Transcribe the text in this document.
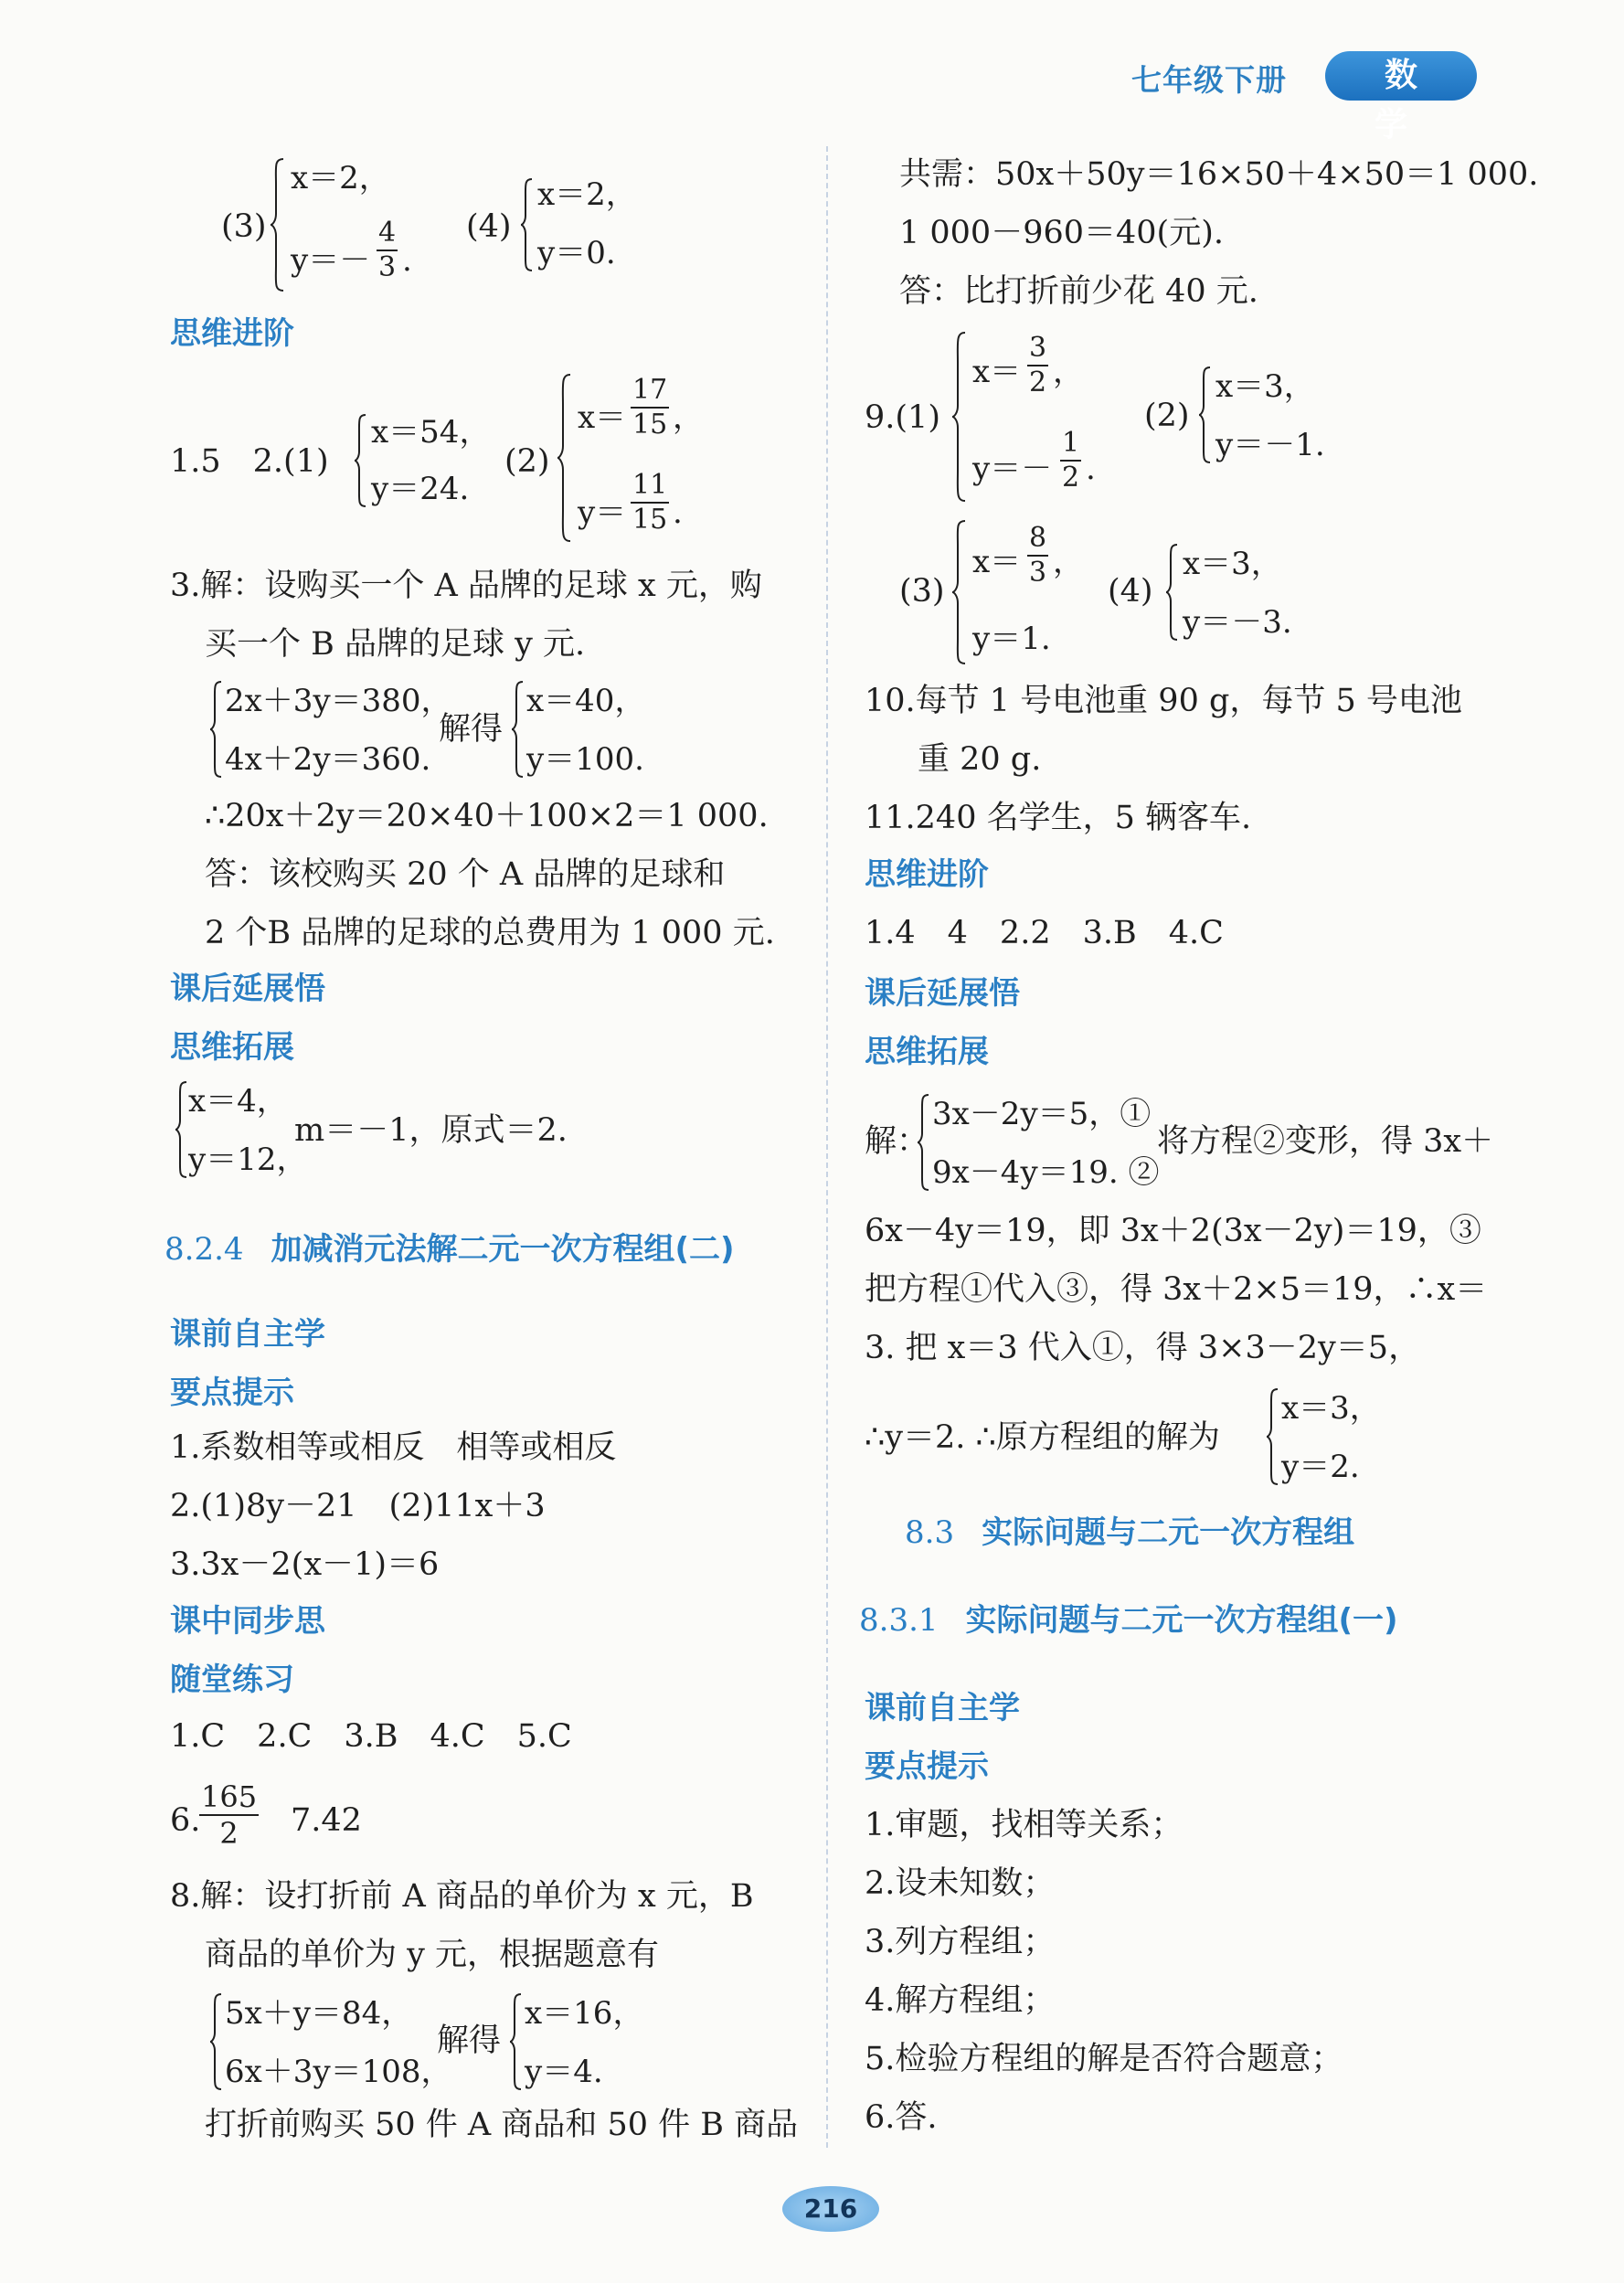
七年级下册	数 学
(3)
x＝2，
$y=- \frac{4}{3}$ .
(4)
x＝2，
y＝0.
思维进阶
1.5　2.(1)
x＝54，
y＝24.
(2)
$x= \frac{17}{15}$ ，
$y= \frac{11}{15}$ .
3.解：设购买一个 A 品牌的足球 x 元，购
买一个 B 品牌的足球 y 元.
2x＋3y＝380，
4x＋2y＝360.
解得
x＝40，
y＝100.
∴20x＋2y＝20×40＋100×2＝1 000.
答：该校购买 20 个 A 品牌的足球和
2 个B 品牌的足球的总费用为 1 000 元.
课后延展悟
思维拓展
x＝4，
y＝12，
m＝－1，原式＝2.
8.2.4 加减消元法解二元一次方程组(二)
课前自主学
要点提示
1.系数相等或相反　相等或相反
2.(1)8y－21　(2)11x＋3
3.3x－2(x－1)＝6
课中同步思
随堂练习
1.C　2.C　3.B　4.C　5.C
6.
$\frac{165}{2} 7.42$
8.解：设打折前 A 商品的单价为 x 元，B
商品的单价为 y 元，根据题意有
5x＋y＝84，
6x＋3y＝108，
解得
x＝16，
y＝4.
打折前购买 50 件 A 商品和 50 件 B 商品
共需：50x＋50y＝16×50＋4×50＝1 000.
1 000－960＝40(元).
答：比打折前少花 40 元.
9.(1)
$x= \frac{3}{2}$ ，
$y=- \frac{1}{2}$ .
(2)
x＝3，
y＝－1.
(3)
$x= \frac{8}{3}$ ，
y＝1.
(4)
x＝3，
y＝－3.
10.每节 1 号电池重 90 g，每节 5 号电池
重 20 g.
11.240 名学生，5 辆客车.
思维进阶
1.4　4　2.2　3.B　4.C
课后延展悟
思维拓展
解：
3x－2y＝5，①
9x－4y＝19. ②
将方程②变形，得 3x＋
6x－4y＝19，即 3x＋2(3x－2y)＝19，③
把方程①代入③，得 3x＋2×5＝19，∴x＝
3. 把 x＝3 代入①，得 3×3－2y＝5，
∴y＝2. ∴原方程组的解为
x＝3，
y＝2.
8.3 实际问题与二元一次方程组
8.3.1 实际问题与二元一次方程组(一)
课前自主学
要点提示
1.审题，找相等关系；
2.设未知数；
3.列方程组；
4.解方程组；
5.检验方程组的解是否符合题意；
6.答.
216
